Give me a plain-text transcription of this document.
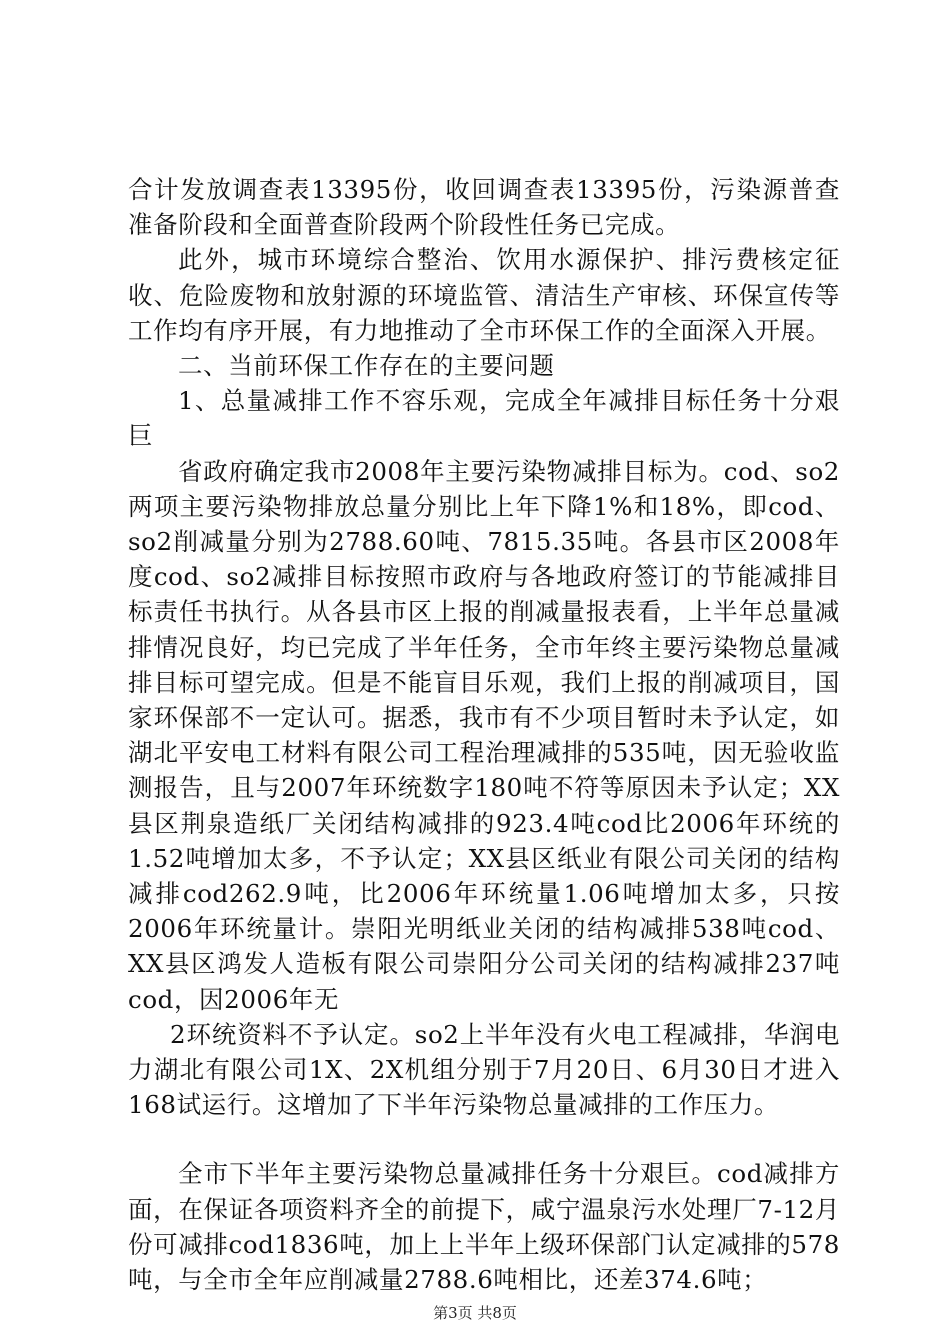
合计发放调查表13395份，收回调查表13395份，污染源普查准备阶段和全面普查阶段两个阶段性任务已完成。

此外，城市环境综合整治、饮用水源保护、排污费核定征收、危险废物和放射源的环境监管、清洁生产审核、环保宣传等工作均有序开展，有力地推动了全市环保工作的全面深入开展。

二、当前环保工作存在的主要问题

1、总量减排工作不容乐观，完成全年减排目标任务十分艰巨

省政府确定我市2008年主要污染物减排目标为。cod、so2两项主要污染物排放总量分别比上年下降1%和18%，即cod、so2削减量分别为2788.60吨、7815.35吨。各县市区2008年度cod、so2减排目标按照市政府与各地政府签订的节能减排目标责任书执行。从各县市区上报的削减量报表看，上半年总量减排情况良好，均已完成了半年任务，全市年终主要污染物总量减排目标可望完成。但是不能盲目乐观，我们上报的削减项目，国家环保部不一定认可。据悉，我市有不少项目暂时未予认定，如湖北平安电工材料有限公司工程治理减排的535吨，因无验收监测报告，且与2007年环统数字180吨不符等原因未予认定；XX县区荆泉造纸厂关闭结构减排的923.4吨cod比2006年环统的1.52吨增加太多，不予认定；XX县区纸业有限公司关闭的结构减排cod262.9吨，比2006年环统量1.06吨增加太多，只按2006年环统量计。崇阳光明纸业关闭的结构减排538吨cod、XX县区鸿发人造板有限公司崇阳分公司关闭的结构减排237吨cod，因2006年无

2环统资料不予认定。so2上半年没有火电工程减排，华润电力湖北有限公司1X、2X机组分别于7月20日、6月30日才进入168试运行。这增加了下半年污染物总量减排的工作压力。

全市下半年主要污染物总量减排任务十分艰巨。cod减排方面，在保证各项资料齐全的前提下，咸宁温泉污水处理厂7-12月份可减排cod1836吨，加上上半年上级环保部门认定减排的578吨，与全市全年应削减量2788.6吨相比，还差374.6吨；

第3页 共8页
